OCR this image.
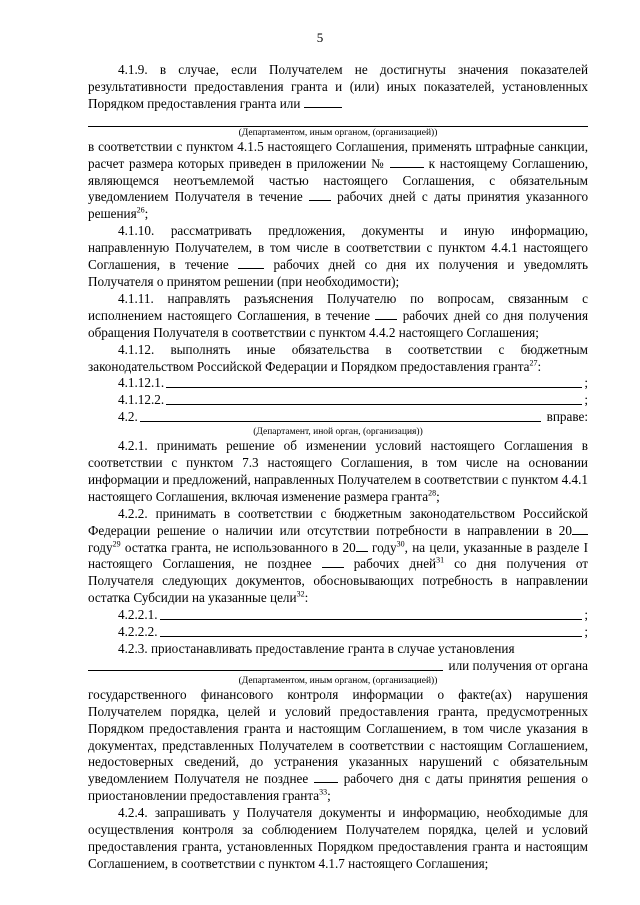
5

4.1.9. в случае, если Получателем не достигнуты значения показателей результативности предоставления гранта и (или) иных показателей, установленных Порядком предоставления гранта или

(Департаментом, иным органом, (организацией))

в соответствии с пунктом 4.1.5 настоящего Соглашения, применять штрафные санкции, расчет размера которых приведен в приложении №	к настоящему Соглашению, являющемся неотъемлемой частью настоящего Соглашения, с обязательным уведомлением Получателя в течение	рабочих дней с даты принятия указанного решения$^{26}$;

4.1.10. рассматривать предложения, документы и иную информацию, направленную Получателем, в том числе в соответствии с пунктом 4.4.1 настоящего Соглашения, в течение	рабочих дней со дня их получения и уведомлять Получателя о принятом решении (при необходимости);

4.1.11. направлять разъяснения Получателю по вопросам, связанным с исполнением настоящего Соглашения, в течение рабочих дней со дня получения обращения Получателя в соответствии с пунктом 4.4.2 настоящего Соглашения;

4.1.12. выполнять иные обязательства в соответствии с бюджетным законодательством Российской Федерации и Порядком предоставления гранта$^{27}$:

4.1.12.1.	;
4.1.12.2.	;
4.2.	вправе:
(Департамент, иной орган, (организация))

4.2.1. принимать решение об изменении условий настоящего Соглашения в соответствии с пунктом 7.3 настоящего Соглашения, в том числе на основании информации и предложений, направленных Получателем в соответствии с пунктом 4.4.1 настоящего Соглашения, включая изменение размера гранта$^{28}$;

4.2.2. принимать в соответствии с бюджетным законодательством Российской Федерации решение о наличии или отсутствии потребности в направлении в 20 году$^{29}$ остатка гранта, не использованного в 20 году$^{30}$, на цели, указанные в разделе I настоящего Соглашения, не позднее	рабочих дней$^{31}$ со дня получения от Получателя следующих документов, обосновывающих потребность в направлении остатка Субсидии на указанные цели$^{32}$:

4.2.2.1.	;
4.2.2.2.	;

4.2.3. приостанавливать предоставление гранта в случае установления

или получения от органа
(Департаментом, иным органом, (организацией))

государственного финансового контроля информации о факте(ах) нарушения Получателем порядка, целей и условий предоставления гранта, предусмотренных Порядком предоставления гранта и настоящим Соглашением, в том числе указания в документах, представленных Получателем в соответствии с настоящим Соглашением, недостоверных сведений, до устранения указанных нарушений с обязательным уведомлением Получателя не позднее	рабочего дня с даты принятия решения о приостановлении предоставления гранта$^{33}$;

4.2.4. запрашивать у Получателя документы и информацию, необходимые для осуществления контроля за соблюдением Получателем порядка, целей и условий предоставления гранта, установленных Порядком предоставления гранта и настоящим Соглашением, в соответствии с пунктом 4.1.7 настоящего Соглашения;
